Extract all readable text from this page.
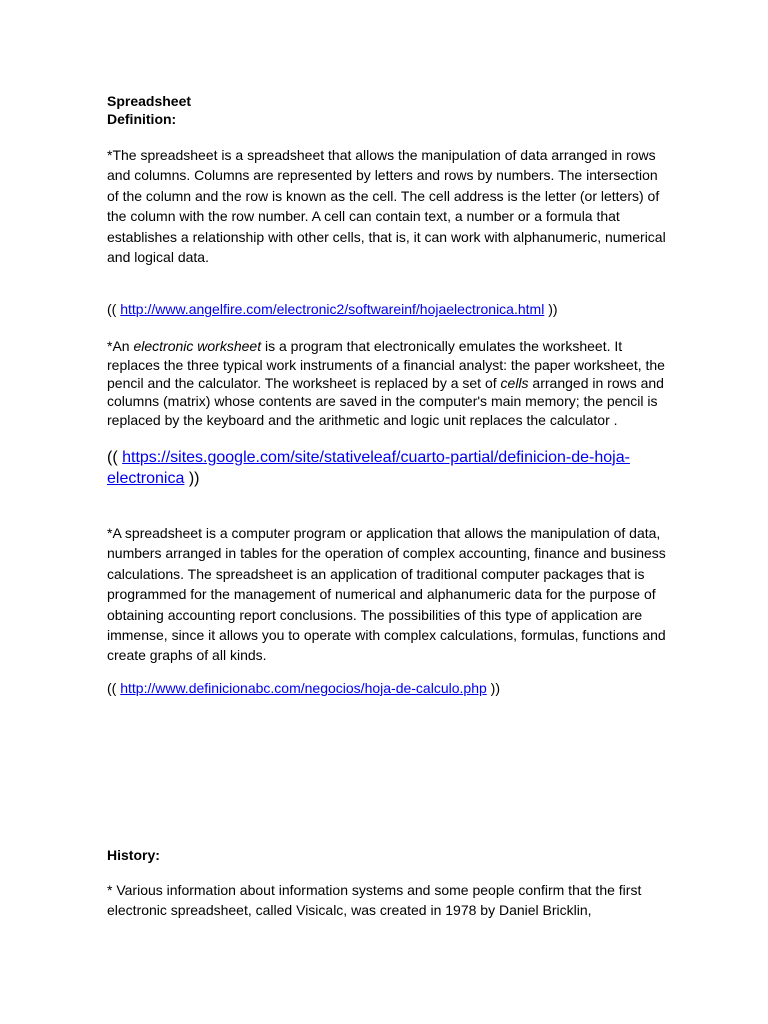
Spreadsheet
Definition:

*The spreadsheet is a spreadsheet that allows the manipulation of data arranged in rows and columns. Columns are represented by letters and rows by numbers. The intersection of the column and the row is known as the cell. The cell address is the letter (or letters) of the column with the row number. A cell can contain text, a number or a formula that establishes a relationship with other cells, that is, it can work with alphanumeric, numerical and logical data.

(( http://www.angelfire.com/electronic2/softwareinf/hojaelectronica.html ))

*An electronic worksheet is a program that electronically emulates the worksheet. It replaces the three typical work instruments of a financial analyst: the paper worksheet, the pencil and the calculator. The worksheet is replaced by a set of cells arranged in rows and columns (matrix) whose contents are saved in the computer's main memory; the pencil is replaced by the keyboard and the arithmetic and logic unit replaces the calculator .

(( https://sites.google.com/site/stativeleaf/cuarto-partial/definicion-de-hoja-electronica ))

*A spreadsheet is a computer program or application that allows the manipulation of data, numbers arranged in tables for the operation of complex accounting, finance and business calculations. The spreadsheet is an application of traditional computer packages that is programmed for the management of numerical and alphanumeric data for the purpose of obtaining accounting report conclusions. The possibilities of this type of application are immense, since it allows you to operate with complex calculations, formulas, functions and create graphs of all kinds.

(( http://www.definicionabc.com/negocios/hoja-de-calculo.php ))

History:

* Various information about information systems and some people confirm that the first electronic spreadsheet, called Visicalc, was created in 1978 by Daniel Bricklin,
